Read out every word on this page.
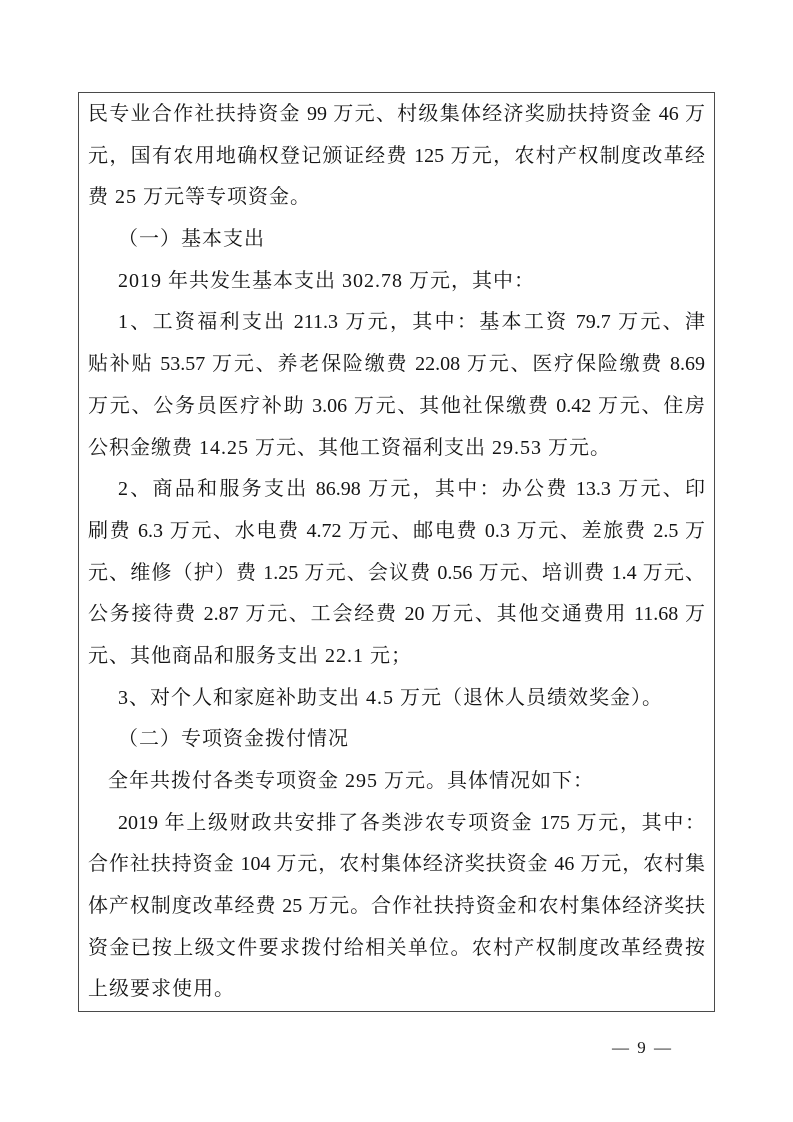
民专业合作社扶持资金 99 万元、村级集体经济奖励扶持资金 46 万
元，国有农用地确权登记颁证经费 125 万元，农村产权制度改革经
费 25 万元等专项资金。
（一）基本支出
2019 年共发生基本支出 302.78 万元，其中：
1、工资福利支出 211.3 万元，其中：基本工资 79.7 万元、津
贴补贴 53.57 万元、养老保险缴费 22.08 万元、医疗保险缴费 8.69
万元、公务员医疗补助 3.06 万元、其他社保缴费 0.42 万元、住房
公积金缴费 14.25 万元、其他工资福利支出 29.53 万元。
2、商品和服务支出 86.98 万元，其中：办公费 13.3 万元、印
刷费 6.3 万元、水电费 4.72 万元、邮电费 0.3 万元、差旅费 2.5 万
元、维修（护）费 1.25 万元、会议费 0.56 万元、培训费 1.4 万元、
公务接待费 2.87 万元、工会经费 20 万元、其他交通费用 11.68 万
元、其他商品和服务支出 22.1 元；
3、对个人和家庭补助支出 4.5 万元（退休人员绩效奖金）。
（二）专项资金拨付情况
全年共拨付各类专项资金 295 万元。具体情况如下：
2019 年上级财政共安排了各类涉农专项资金 175 万元，其中：
合作社扶持资金 104 万元，农村集体经济奖扶资金 46 万元，农村集
体产权制度改革经费 25 万元。合作社扶持资金和农村集体经济奖扶
资金已按上级文件要求拨付给相关单位。农村产权制度改革经费按
上级要求使用。
— 9 —
